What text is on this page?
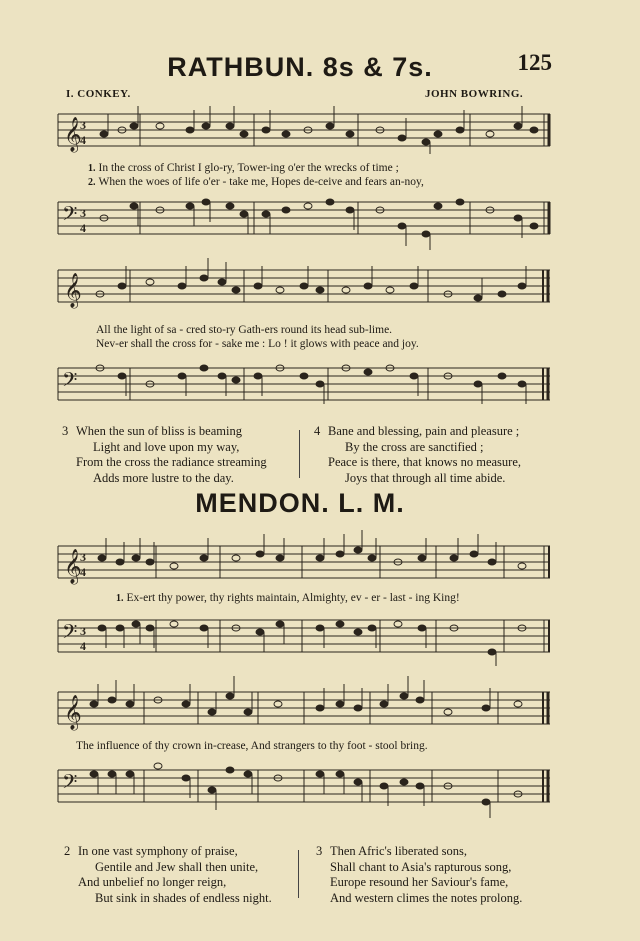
125
RATHBUN. 8s & 7s.
I. CONKEY.	JOHN BOWRING.
𝄞
3
4
1. In the cross of Christ I glo-ry, Tower-ing o'er the wrecks of time ;
2. When the woes of life o'er - take me, Hopes de-ceive and fears an-noy,
𝄢 3
4
𝄞
All the light of sa - cred sto-ry Gath-ers round its head sub-lime.
Nev-er shall the cross for - sake me : Lo ! it glows with peace and joy.
𝄢
3 When the sun of bliss is beaming
Light and love upon my way,
From the cross the radiance streaming
Adds more lustre to the day.
4 Bane and blessing, pain and pleasure ;
By the cross are sanctified ;
Peace is there, that knows no measure,
Joys that through all time abide.
MENDON. L. M.
𝄞
3
4
1. Ex-ert thy power, thy rights maintain, Almighty, ev - er - last - ing King!
𝄢 3
4
𝄞
The influence of thy crown in-crease, And strangers to thy foot - stool bring.
𝄢
2 In one vast symphony of praise,
Gentile and Jew shall then unite,
And unbelief no longer reign,
But sink in shades of endless night.
3 Then Afric's liberated sons,
Shall chant to Asia's rapturous song,
Europe resound her Saviour's fame,
And western climes the notes prolong.
